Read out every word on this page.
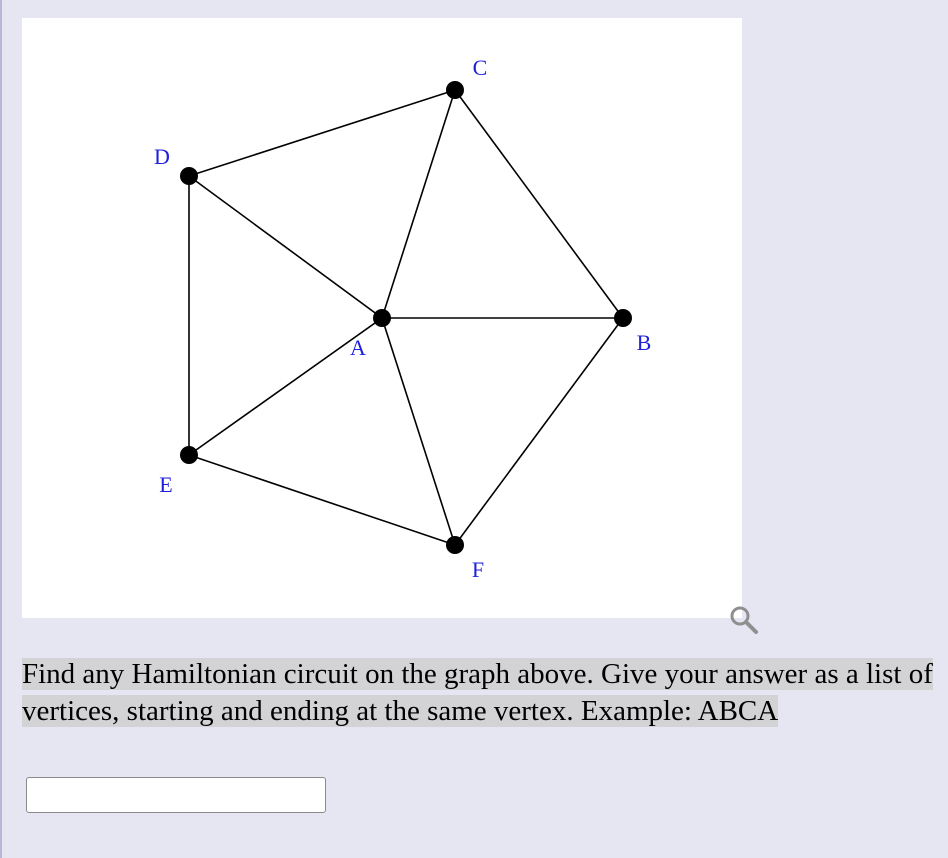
A	B
C
D
E
F
Find any Hamiltonian circuit on the graph above. Give your answer as a list of vertices, starting and ending at the same vertex. Example: ABCA
